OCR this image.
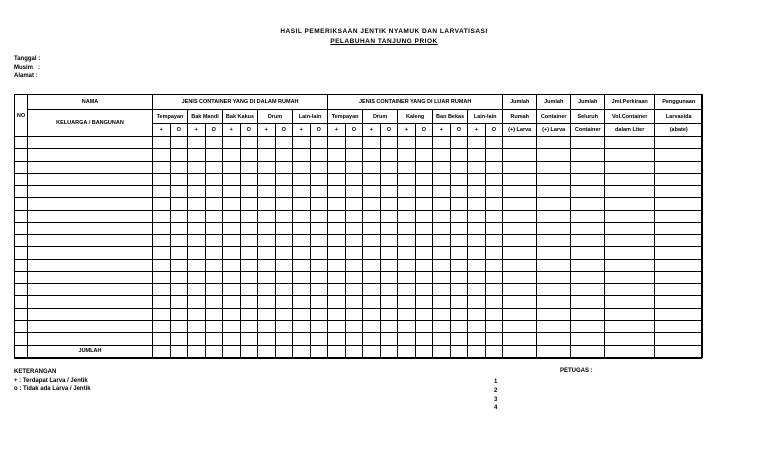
HASIL PEMERIKSAAN JENTIK NYAMUK DAN LARVATISASI
PELABUHAN TANJUNG PRIOK
Tanggal :
Musim :
Alamat :
NO	NAMA	JENIS CONTAINER YANG DI DALAM RUMAH										JENIS CONTAINER YANG DI LUAR RUMAH										Jumlah	Jumlah	Jumlah	Jml.Perkiraan	Penggunaan
	KELUARGA / BANGUNAN	Tempayan		Bak Mandi		Bak Kakus		Drum		Lain-lain		Tempayan		Drum		Kaleng		Ban Bekas		Lain-lain		Rumah	Container	Seluruh	Vol.Container	Larvasida
		+	O	+	O	+	O	+	O	+	O	+	O	+	O	+	O	+	O	+	O	(+) Larva	(+) Larva	Container	dalam Liter	(abate)

	JUMLAH																									
KETERANGAN
+ : Terdapat Larva / Jentik
o : Tidak ada Larva / Jentik
PETUGAS :
1
2
3
4
